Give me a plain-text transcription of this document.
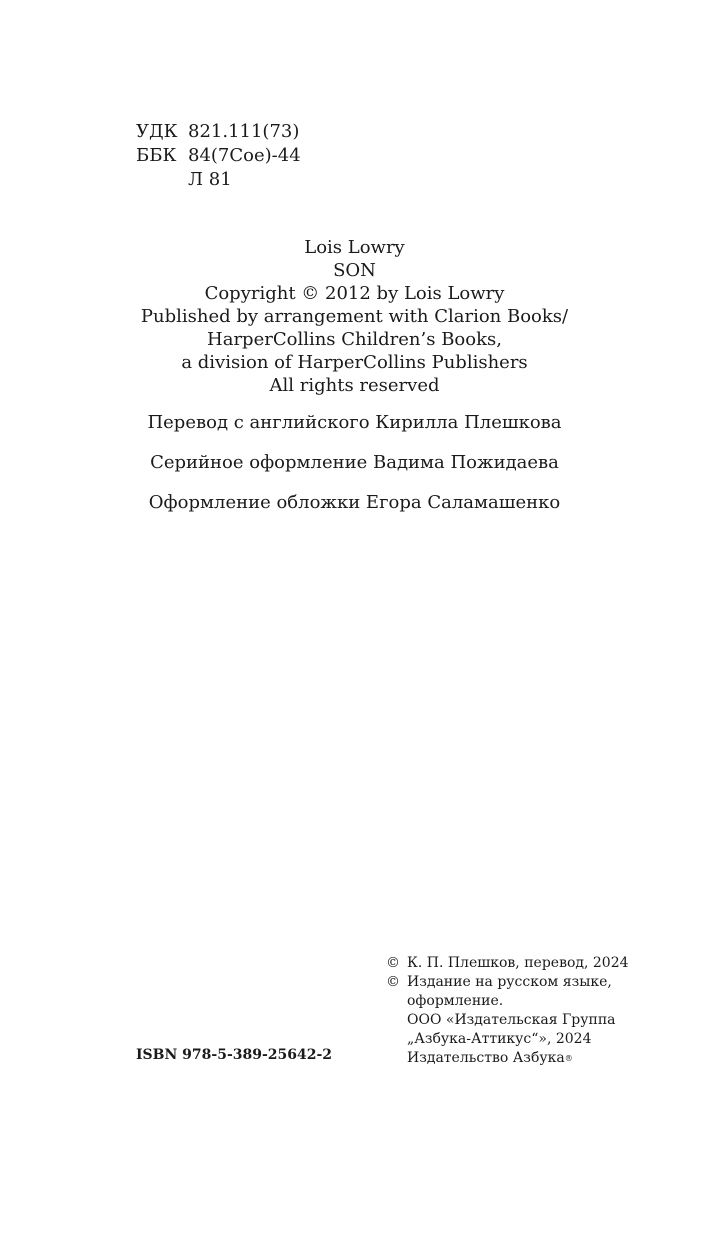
УДК 821.111(73)
ББК 84(7Сое)-44
Л 81
Lois Lowry
SON
Copyright © 2012 by Lois Lowry
Published by arrangement with Clarion Books/
HarperCollins Children’s Books,
a division of HarperCollins Publishers
All rights reserved
Перевод с английского Кирилла Плешкова
Серийное оформление Вадима Пожидаева
Оформление обложки Егора Саламашенко
ISBN 978-5-389-25642-2
© К. П. Плешков, перевод, 2024
© Издание на русском языке,
оформление.
ООО «Издательская Группа
„Азбука-Аттикус“», 2024
Издательство Азбука®
